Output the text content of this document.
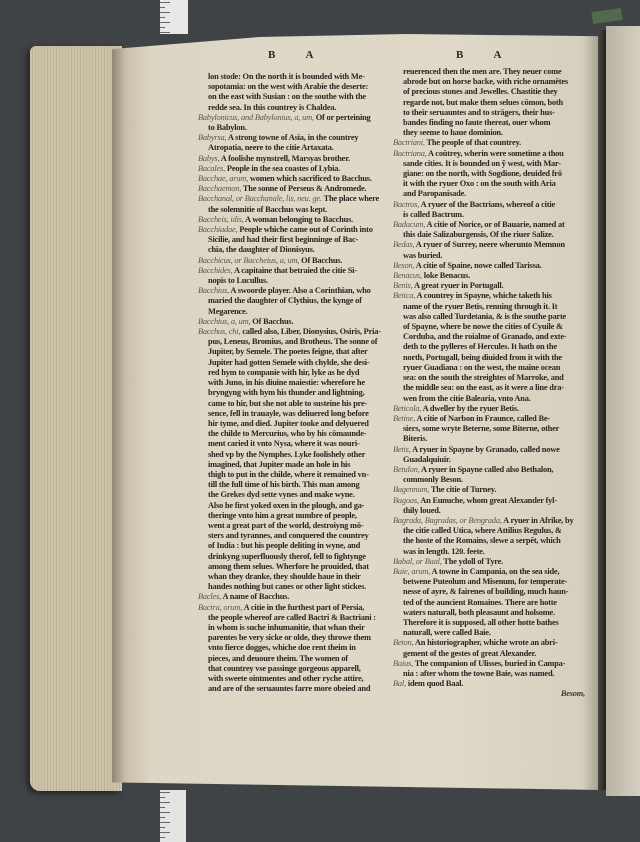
B A	B A
lon stode: On the north it is bounded with Me-
sopotamia: on the west with Arabie the deserte:
on the east with Susian : on the southe with the
redde sea. In this countrey is Chaldea.
Babylonicus, and Babylonius, a, um, Of or perteining
to Babylon.
Babyrsa, A strong towne of Asia, in the countrey
Atropatia, neere to the citie Artaxata.
Babys, A foolishe mynstrell, Marsyas brother.
Bacales, People in the sea coastes of Lybia.
Bacchae, arum, women which sacrificed to Bacchus.
Bacchaemon, The sonne of Perseus & Andromede.
Bacchanal, or Bacchanale, lis, neu. ge. The place where
the solemnitie of Bacchus was kept.
Baccheis, idis, A woman belonging to Bacchus.
Bacchiadae, People whiche came out of Corinth into
Sicilie, and had their first beginninge of Bac-
chia, the daughter of Dionisyus.
Bacchicus, or Baccheius, a, um, Of Bacchus.
Bacchides, A capitaine that betraied the citie Si-
nopis to Lucullus.
Bacchius, A swoorde player. Also a Corinthian, who
maried the daughter of Clythius, the kynge of
Megarence.
Bacchius, a, um, Of Bacchus.
Bacchus, chi, called also, Liber, Dionysius, Osiris, Pria-
pus, Leneus, Bromius, and Brotheus. The sonne of
Jupiter, by Semele. The poetes feigne, that after
Jupiter had gotten Semele with chylde, she desi-
red hym to companie with hir, lyke as he dyd
with Juno, in his diuine maiestie: wherefore he
bryngyng with hym his thunder and lightning,
came to hir, but she not able to susteine his pre-
sence, fell in trauayle, was deliuered long before
hir tyme, and died. Jupiter tooke and delyuered
the childe to Mercurius, who by his cōmaunde-
ment caried it vnto Nysa, where it was nouri-
shed vp by the Nymphes. Lyke foolishely other
imagined, that Jupiter made an hole in his
thigh to put in the childe, where it remained vn-
till the full time of his birth. This man among
the Grekes dyd sette vynes and make wyne.
Also he first yoked oxen in the plough, and ga-
theringe vnto him a great numbre of people,
went a great part of the world, destroiyng mō-
sters and tyrannes, and conquered the countrey
of India : but his people deliting in wyne, and
drinkyng superfluously therof, fell to fightynge
among them selues. Wherfore he prouided, that
whan they dranke, they shoulde haue in their
handes nothing but canes or other light stickes.
Bacles, A name of Bacchus.
Bactra, orum, A citie in the furthest part of Persia,
the people whereof are called Bactri & Bactriani :
in whom is suche inhumanitie, that whan their
parentes be very sicke or olde, they throwe them
vnto fierce dogges, whiche doe rent theim in
pieces, and deuoure theim. The women of
that countrey vse passinge gorgeous apparell,
with sweete ointmentes and other ryche attire,
and are of the seruauntes farre more obeied and
reuerenced then the men are. They neuer come
abrode but on horse backe, with riche ornamētes
of precious stones and Jewelles. Chastitie they
regarde not, but make them selues cōmon, both
to their seruauntes and to strāgers, their hus-
bandes finding no faute thereat, ouer whom
they seeme to haue dominion.
Bactriani, The people of that countrey.
Bactriana, A coūtrey, wherin were sometime a thou
sande cities. It is bounded on ỹ west, with Mar-
giane: on the north, with Sogdione, deuided frō
it with the ryuer Oxo : on the south with Aria
and Paropanisade.
Bactros, A ryuer of the Bactrians, whereof a citie
is called Bactrum.
Badacum, A citie of Norice, or of Bauarie, named at
this daie Salizaburgensis, Of the riuer Salize.
Bedas, A ryuer of Surrey, neere wherunto Memnon
was buried.
Beson, A citie of Spaine, nowe called Tarissa.
Benacus, loke Benacus.
Benis, A great ryuer in Portugall.
Betica, A countrey in Spayne, whiche taketh his
name of the ryuer Betis, renning through it. It
was also called Turdetania, & is the southe parte
of Spayne, where be nowe the cities of Cyuile &
Corduba, and the roialme of Granado, and exte-
deth to the pylleres of Hercules. It hath on the
north, Portugall, being diuided from it with the
ryuer Guadiana : on the west, the maine ocean
sea: on the south the streightes of Marroke, and
the middle sea: on the east, as it were a line dra-
wen from the citie Balearia, vnto Ana.
Beticola, A dweller by the ryuer Betis.
Betine, A citie of Narbon in Fraunce, called Be-
siers, some wryte Beterne, some Biterne, other
Biteris.
Betis, A ryuer in Spayne by Granado, called nowe
Guadalquiuir.
Betulon, A ryuer in Spayne called also Bethalon,
commonly Beson.
Bagennum, The citie of Turney.
Bagoas, An Eunuche, whom great Alexander fyl-
thily loued.
Bagrada, Bagradas, or Bengrada, A ryuer in Afrike, by
the citie called Utica, where Attilius Regulus, &
the hoste of the Romains, slewe a serpēt, which
was in length. 120. feete.
Babal, or Baal, The ydoll of Tyre.
Baie, arum, A towne in Campania, on the sea side,
betwene Puteolum and Misenum, for temperate-
nesse of ayre, & fairenes of building, much haun-
ted of the auncient Romaines. There are hotte
waters naturall, both pleasaunt and holsome.
Therefore it is supposed, all other hotte bathes
naturall, were called Baie.
Beton, An historiographer, whiche wrote an abri-
gement of the gestes of great Alexander.
Baius, The companion of Ulisses, buried in Campa-
nia : after whom the towne Baie, was named.
Bal, idem quod Baal.
Besom,
